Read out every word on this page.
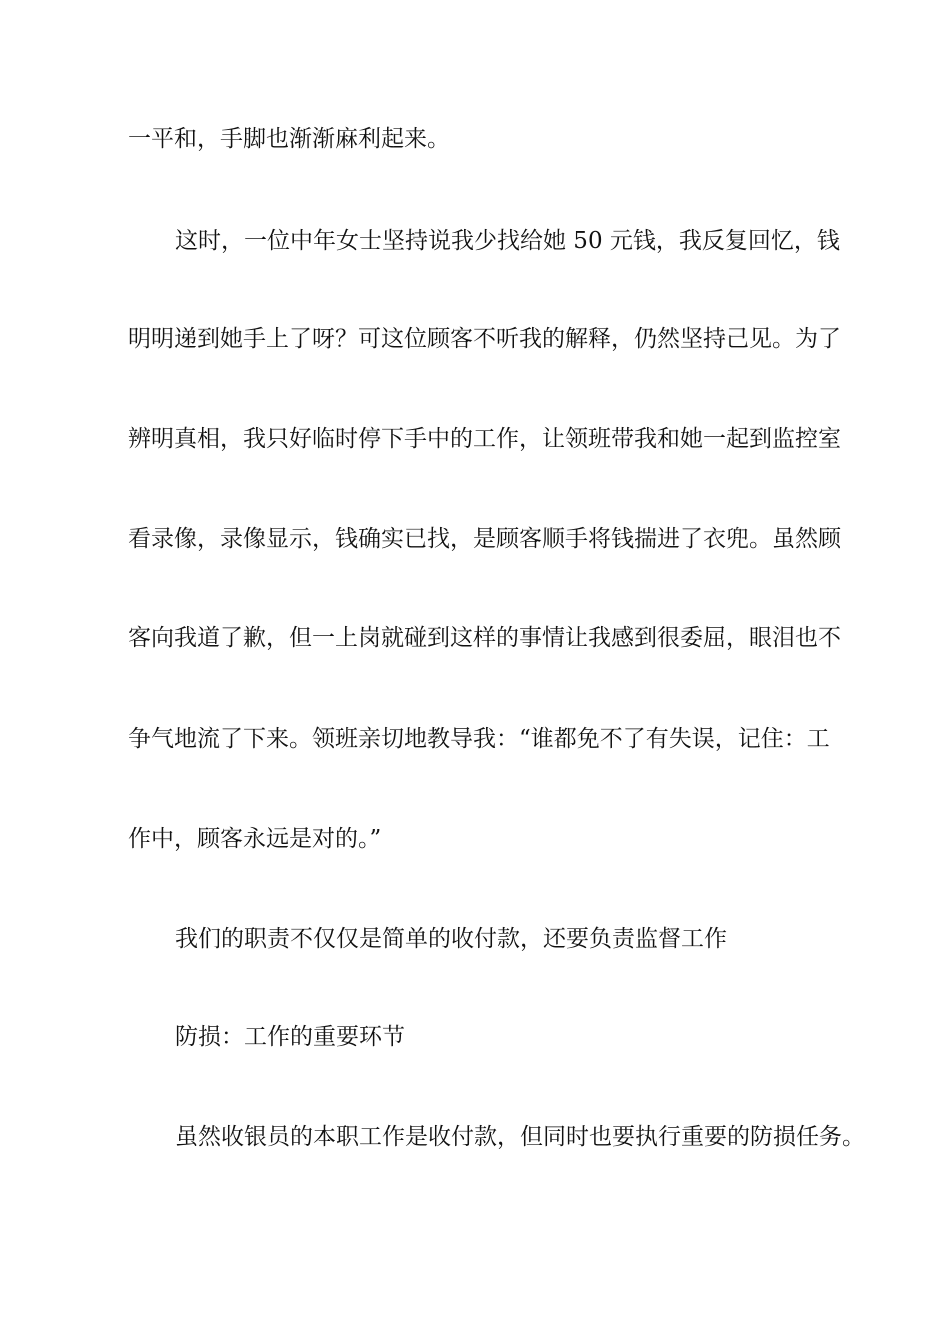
一平和，手脚也渐渐麻利起来。

这时，一位中年女士坚持说我少找给她 50 元钱，我反复回忆，钱

明明递到她手上了呀？可这位顾客不听我的解释，仍然坚持己见。为了

辨明真相，我只好临时停下手中的工作，让领班带我和她一起到监控室

看录像，录像显示，钱确实已找，是顾客顺手将钱揣进了衣兜。虽然顾

客向我道了歉，但一上岗就碰到这样的事情让我感到很委屈，眼泪也不

争气地流了下来。领班亲切地教导我：“谁都免不了有失误，记住：工

作中，顾客永远是对的。”

我们的职责不仅仅是简单的收付款，还要负责监督工作

防损：工作的重要环节

虽然收银员的本职工作是收付款，但同时也要执行重要的防损任务。
